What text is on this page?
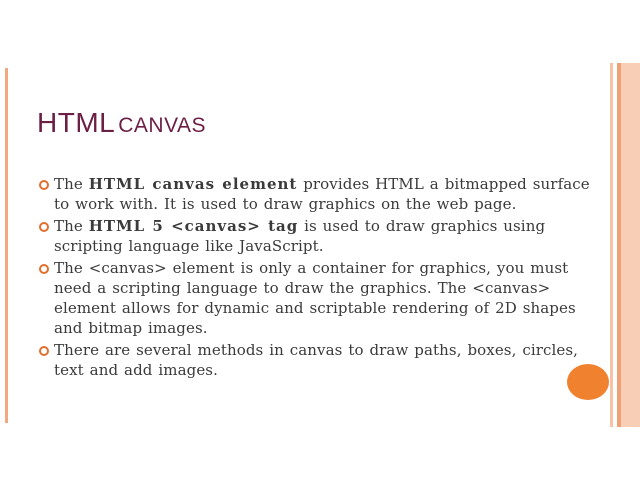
HTML CANVAS
The HTML canvas element provides HTML a bitmapped surface
to work with. It is used to draw graphics on the web page.
The HTML 5 <canvas> tag is used to draw graphics using
scripting language like JavaScript.
The <canvas> element is only a container for graphics, you must
need a scripting language to draw the graphics. The <canvas>
element allows for dynamic and scriptable rendering of 2D shapes
and bitmap images.
There are several methods in canvas to draw paths, boxes, circles,
text and add images.
